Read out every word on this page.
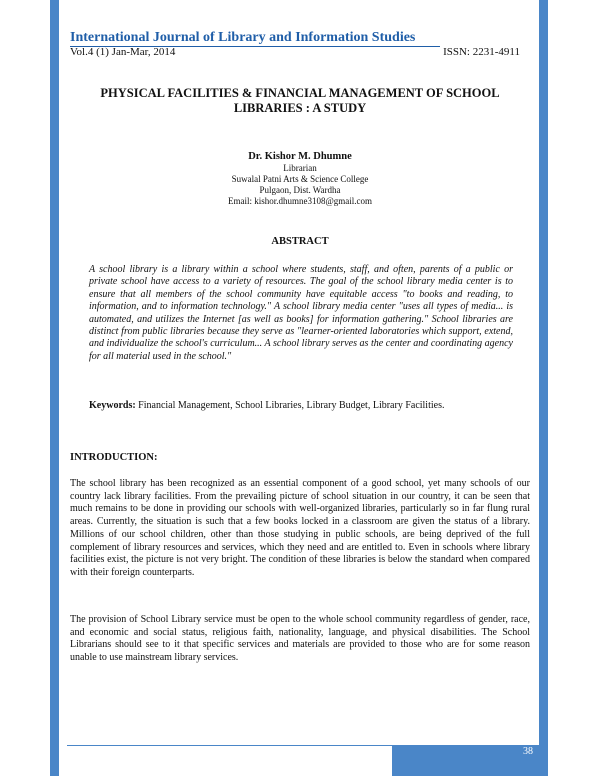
International Journal of Library and Information Studies
Vol.4 (1) Jan-Mar, 2014	ISSN: 2231-4911
PHYSICAL FACILITIES & FINANCIAL MANAGEMENT OF SCHOOL LIBRARIES : A STUDY
Dr. Kishor M. Dhumne
Librarian
Suwalal Patni Arts & Science College
Pulgaon, Dist. Wardha
Email: kishor.dhumne3108@gmail.com
ABSTRACT
A school library is a library within a school where students, staff, and often, parents of a public or private school have access to a variety of resources. The goal of the school library media center is to ensure that all members of the school community have equitable access "to books and reading, to information, and to information technology." A school library media center "uses all types of media... is automated, and utilizes the Internet [as well as books] for information gathering." School libraries are distinct from public libraries because they serve as "learner-oriented laboratories which support, extend, and individualize the school's curriculum... A school library serves as the center and coordinating agency for all material used in the school."
Keywords: Financial Management, School Libraries, Library Budget, Library Facilities.
INTRODUCTION:
The school library has been recognized as an essential component of a good school, yet many schools of our country lack library facilities. From the prevailing picture of school situation in our country, it can be seen that much remains to be done in providing our schools with well-organized libraries, particularly so in far flung rural areas. Currently, the situation is such that a few books locked in a classroom are given the status of a library. Millions of our school children, other than those studying in public schools, are being deprived of the full complement of library resources and services, which they need and are entitled to. Even in schools where library facilities exist, the picture is not very bright. The condition of these libraries is below the standard when compared with their foreign counterparts.
The provision of School Library service must be open to the whole school community regardless of gender, race, and economic and social status, religious faith, nationality, language, and physical disabilities. The School Librarians should see to it that specific services and materials are provided to those who are for some reason unable to use mainstream library services.
38
